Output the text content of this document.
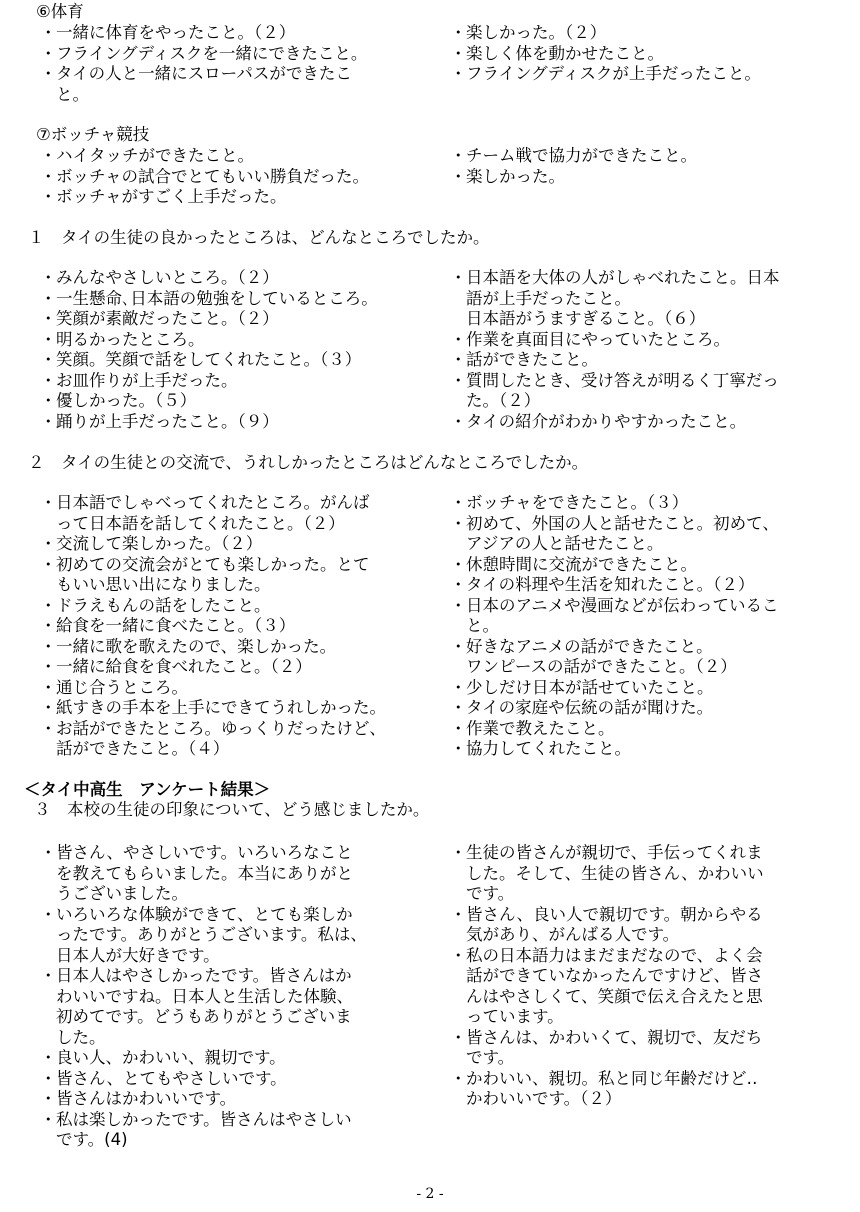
⑥体育
・ 一緒に体育をやったこと。（２）
・ フライングディスクを一緒にできたこと。
・ タイの人と一緒にスローパスができたこ
と。
・ 楽しかった。（２）
・ 楽しく体を動かせたこと。
・ フライングディスクが上手だったこと。
⑦ボッチャ競技
・ ハイタッチができたこと。
・ ボッチャの試合でとてもいい勝負だった。
・ ボッチャがすごく上手だった。
・ チーム戦で協力ができたこと。
・ 楽しかった。
１　タイの生徒の良かったところは、どんなところでしたか。
・ みんなやさしいところ。（２）
・ 一生懸命､日本語の勉強をしているところ。
・ 笑顔が素敵だったこと。（２）
・ 明るかったところ。
・ 笑顔。笑顔で話をしてくれたこと。（３）
・ お皿作りが上手だった。
・ 優しかった。（５）
・ 踊りが上手だったこと。（９）
・ 日本語を大体の人がしゃべれたこと。日本
語が上手だったこと。
日本語がうますぎること。（６）
・ 作業を真面目にやっていたところ。
・ 話ができたこと。
・ 質問したとき、受け答えが明るく丁寧だっ
た。（２）
・ タイの紹介がわかりやすかったこと。
２　タイの生徒との交流で、うれしかったところはどんなところでしたか。
・ 日本語でしゃべってくれたところ。がんば
って日本語を話してくれたこと。（２）
・ 交流して楽しかった。（２）
・ 初めての交流会がとても楽しかった。とて
もいい思い出になりました。
・ ドラえもんの話をしたこと。
・ 給食を一緒に食べたこと。（３）
・ 一緒に歌を歌えたので、楽しかった。
・ 一緒に給食を食べれたこと。（２）
・ 通じ合うところ。
・ 紙すきの手本を上手にできてうれしかった。
・ お話ができたところ。ゆっくりだったけど、
話ができたこと。（４）
・ ボッチャをできたこと。（３）
・ 初めて、外国の人と話せたこと。初めて、
アジアの人と話せたこと。
・ 休憩時間に交流ができたこと。
・ タイの料理や生活を知れたこと。（２）
・ 日本のアニメや漫画などが伝わっているこ
と。
・ 好きなアニメの話ができたこと。
ワンピースの話ができたこと。（２）
・ 少しだけ日本が話せていたこと。
・ タイの家庭や伝統の話が聞けた。
・ 作業で教えたこと。
・ 協力してくれたこと。
＜タイ中高生　アンケート結果＞
３　本校の生徒の印象について、どう感じましたか。
・ 皆さん、やさしいです。いろいろなこと
を教えてもらいました。本当にありがと
うございました。
・ いろいろな体験ができて、とても楽しか
ったです。ありがとうございます。私は、
日本人が大好きです。
・ 日本人はやさしかったです。皆さんはか
わいいですね。日本人と生活した体験、
初めてです。どうもありがとうございま
した。
・ 良い人、かわいい、親切です。
・ 皆さん、とてもやさしいです。
・ 皆さんはかわいいです。
・ 私は楽しかったです。皆さんはやさしい
です。(4)
・ 生徒の皆さんが親切で、手伝ってくれま
した。そして、生徒の皆さん、かわいい
です。
・ 皆さん、良い人で親切です。朝からやる
気があり、がんばる人です。
・ 私の日本語力はまだまだなので、よく会
話ができていなかったんですけど、皆さ
んはやさしくて、笑顔で伝え合えたと思
っています。
・ 皆さんは、かわいくて、親切で、友だち
です。
・ かわいい、親切。私と同じ年齢だけど‥
かわいいです。（２）
- 2 -
